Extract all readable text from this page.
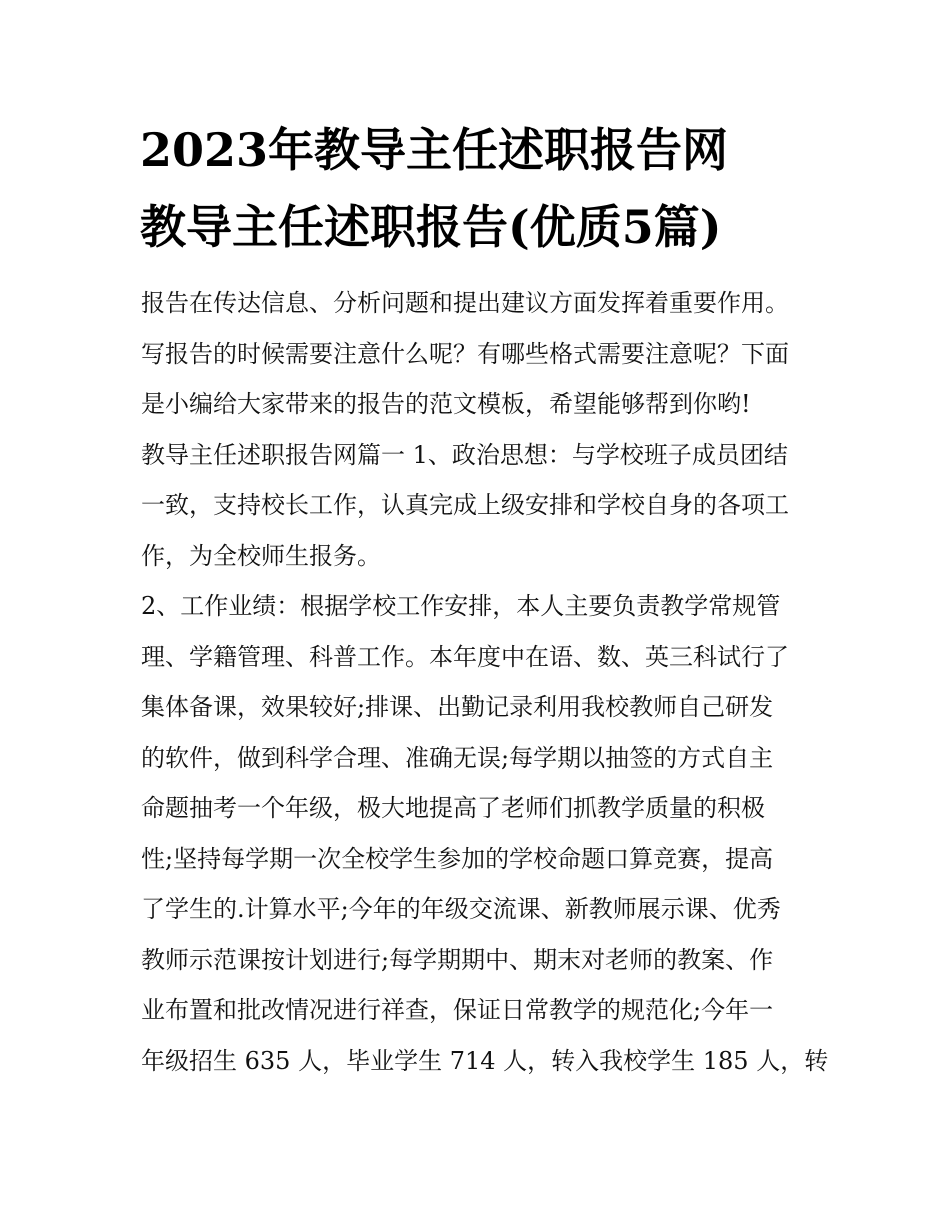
2023年教导主任述职报告网
教导主任述职报告(优质5篇)
报告在传达信息、分析问题和提出建议方面发挥着重要作用。
写报告的时候需要注意什么呢？有哪些格式需要注意呢？下面
是小编给大家带来的报告的范文模板，希望能够帮到你哟!
教导主任述职报告网篇一 1、政治思想：与学校班子成员团结
一致，支持校长工作，认真完成上级安排和学校自身的各项工
作，为全校师生报务。
2、工作业绩：根据学校工作安排，本人主要负责教学常规管
理、学籍管理、科普工作。本年度中在语、数、英三科试行了
集体备课，效果较好;排课、出勤记录利用我校教师自己研发
的软件，做到科学合理、准确无误;每学期以抽签的方式自主
命题抽考一个年级，极大地提高了老师们抓教学质量的积极
性;坚持每学期一次全校学生参加的学校命题口算竞赛，提高
了学生的.计算水平;今年的年级交流课、新教师展示课、优秀
教师示范课按计划进行;每学期期中、期末对老师的教案、作
业布置和批改情况进行祥查，保证日常教学的规范化;今年一
年级招生 635 人，毕业学生 714 人，转入我校学生 185 人，转
